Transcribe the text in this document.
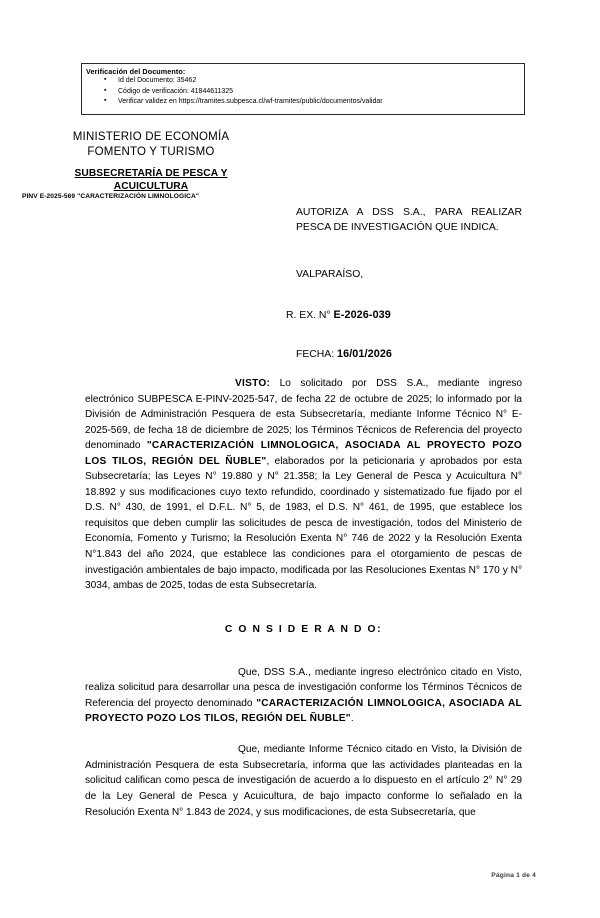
Verificación del Documento:
▪ Id del Documento: 35462
▪ Código de verificación: 41844611325
▪ Verificar validez en https://tramites.subpesca.cl/wf-tramites/public/documentos/validar
MINISTERIO DE ECONOMÍA
FOMENTO Y TURISMO
SUBSECRETARÍA DE PESCA Y
ACUICULTURA
PINV E-2025-569 "CARACTERIZACIÓN LIMNOLOGICA"
AUTORIZA A DSS S.A., PARA REALIZAR PESCA DE INVESTIGACIÓN QUE INDICA.
VALPARAÍSO,
R. EX. N° E-2026-039
FECHA: 16/01/2026

VISTO: Lo solicitado por DSS S.A., mediante ingreso electrónico SUBPESCA E-PINV-2025-547, de fecha 22 de octubre de 2025; lo informado por la División de Administración Pesquera de esta Subsecretaría, mediante Informe Técnico N° E-2025-569, de fecha 18 de diciembre de 2025; los Términos Técnicos de Referencia del proyecto denominado "CARACTERIZACIÓN LIMNOLOGICA, ASOCIADA AL PROYECTO POZO LOS TILOS, REGIÓN DEL ÑUBLE", elaborados por la peticionaria y aprobados por esta Subsecretaría; las Leyes N° 19.880 y N° 21.358; la Ley General de Pesca y Acuicultura N° 18.892 y sus modificaciones cuyo texto refundido, coordinado y sistematizado fue fijado por el D.S. N° 430, de 1991, el D.F.L. N° 5, de 1983, el D.S. N° 461, de 1995, que establece los requisitos que deben cumplir las solicitudes de pesca de investigación, todos del Ministerio de Economía, Fomento y Turismo; la Resolución Exenta N° 746 de 2022 y la Resolución Exenta N°1.843 del año 2024, que establece las condiciones para el otorgamiento de pescas de investigación ambientales de bajo impacto, modificada por las Resoluciones Exentas N° 170 y N° 3034, ambas de 2025, todas de esta Subsecretaría.

C O N S I D E R A N D O:

Que, DSS S.A., mediante ingreso electrónico citado en Visto, realiza solicitud para desarrollar una pesca de investigación conforme los Términos Técnicos de Referencia del proyecto denominado "CARACTERIZACIÓN LIMNOLOGICA, ASOCIADA AL PROYECTO POZO LOS TILOS, REGIÓN DEL ÑUBLE".

Que, mediante Informe Técnico citado en Visto, la División de Administración Pesquera de esta Subsecretaría, informa que las actividades planteadas en la solicitud califican como pesca de investigación de acuerdo a lo dispuesto en el artículo 2° N° 29 de la Ley General de Pesca y Acuicultura, de bajo impacto conforme lo señalado en la Resolución Exenta N° 1.843 de 2024, y sus modificaciones, de esta Subsecretaría, que

Página 1 de 4
